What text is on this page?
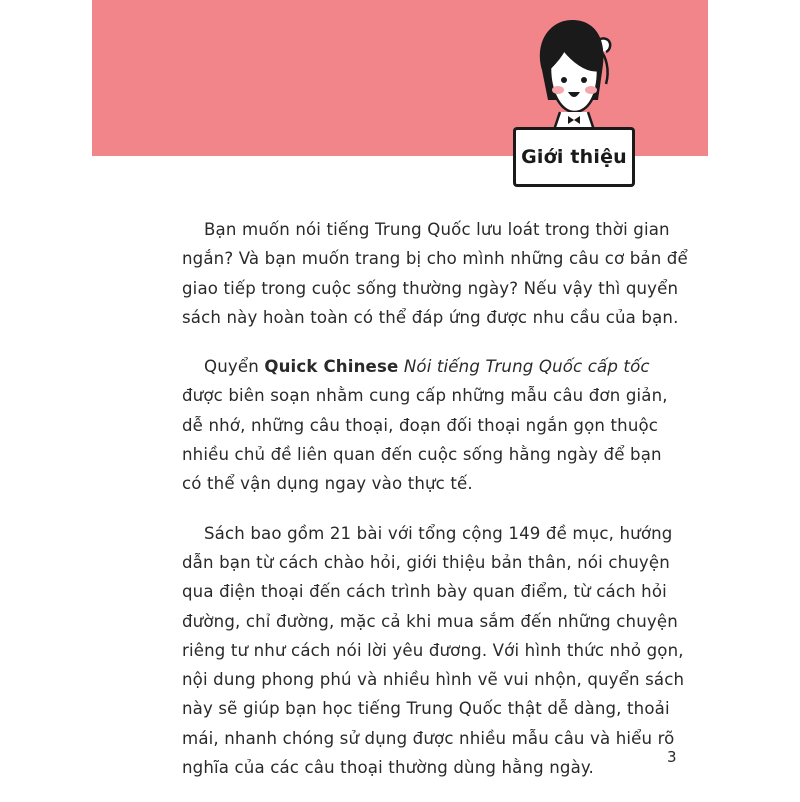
Giới thiệu

Bạn muốn nói tiếng Trung Quốc lưu loát trong thời gian
ngắn? Và bạn muốn trang bị cho mình những câu cơ bản để
giao tiếp trong cuộc sống thường ngày? Nếu vậy thì quyển
sách này hoàn toàn có thể đáp ứng được nhu cầu của bạn.

Quyển Quick Chinese Nói tiếng Trung Quốc cấp tốc
được biên soạn nhằm cung cấp những mẫu câu đơn giản,
dễ nhớ, những câu thoại, đoạn đối thoại ngắn gọn thuộc
nhiều chủ đề liên quan đến cuộc sống hằng ngày để bạn
có thể vận dụng ngay vào thực tế.

Sách bao gồm 21 bài với tổng cộng 149 đề mục, hướng
dẫn bạn từ cách chào hỏi, giới thiệu bản thân, nói chuyện
qua điện thoại đến cách trình bày quan điểm, từ cách hỏi
đường, chỉ đường, mặc cả khi mua sắm đến những chuyện
riêng tư như cách nói lời yêu đương. Với hình thức nhỏ gọn,
nội dung phong phú và nhiều hình vẽ vui nhộn, quyển sách
này sẽ giúp bạn học tiếng Trung Quốc thật dễ dàng, thoải
mái, nhanh chóng sử dụng được nhiều mẫu câu và hiểu rõ
nghĩa của các câu thoại thường dùng hằng ngày.

3
